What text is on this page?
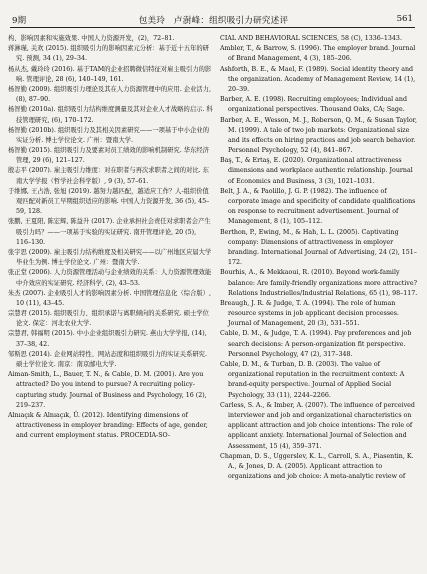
9期	包美玲　卢澍峰：组织吸引力研究述评	561

构、影响因素和实施效果. 中国人力资源开发，(2)，72–81.

蒋淋瑾, 关欢 (2015). 组织吸引力的影响因素元分析：基于近十五年的研究. 预测, 34 (1), 29–34.

杨从杰, 戴玲玲 (2016). 基于TAM的企业招聘微信特征对雇主吸引力的影响. 管理评论, 28 (6), 140–149, 161.

杨智勤 (2009). 组织吸引力理论及其在人力资源管理中的应用. 企业活力, (8), 87–90.

杨智勤 (2010a). 组织吸引力结构维度测量及其对企业人才战略的启示. 科技管理研究, (6), 170–172.

杨智勤 (2010b). 组织吸引力及其相关因素研究——一项基于中小企业的实证分析. 博士学位论文. 广州：暨南大学.

杨智勤 (2015). 组织吸引力及要素对员工绩效的影响机制研究. 华东经济管理, 29 (6), 121–127.

殷志平 (2007). 雇主吸引力维度：对在职者与再次求职者之间的对比. 东南大学学报（哲学社会科学版）, 9 (3), 57–61.

于维娜, 王占浩, 张旭 (2019). 越努力越匹配，越适应工作？人-组织价值观匹配对新员工早期组织适应的影响. 中国人力资源开发, 36 (5), 45–59, 128.

张鹏, 王夏阳, 陈宏辉, 陈益升 (2017). 企业承担社会责任对求职者会产生吸引力吗？——一项基于实验的实证研究. 南开管理评论, 20 (5), 116–130.

张宇思 (2009). 雇主吸引力结构维度及相关研究——以广州地区应届大学毕业生为例. 博士学位论文. 广州：暨南大学.

张正堂 (2006). 人力资源管理活动与企业绩效的关系：人力资源管理效能中介效应的实证研究. 经济科学, (2), 43–53.

朱杰 (2007). 企业吸引人才的影响因素分析. 中国管理信息化（综合版）, 10 (11), 43–45.

宗慧君 (2015). 组织吸引力、组织承诺与离职倾向的关系研究. 硕士学位论文. 保定：河北农业大学.

宗慧君, 韩福明 (2015). 中小企业组织吸引力研究. 燕山大学学报, (14), 37–38, 42.

邹斯思 (2014). 企业网站特性、网站态度和组织吸引力的实证关系研究. 硕士学位论文. 南京：南京邮电大学.

Aiman-Smith, L., Bauer, T. N., & Cable, D. M. (2001). Are you attracted? Do you intend to pursue? A recruiting policy-capturing study. Journal of Business and Psychology, 16 (2), 219–237.

Alnıaçık & Alnıaçık, Ü. (2012). Identifying dimensions of attractiveness in employer branding: Effects of age, gender, and current employment status. PROCEDIA-SO-

CIAL AND BEHAVIORAL SCIENCES, 58 (C), 1336–1343.

Ambler, T., & Barrow, S. (1996). The employer brand. Journal of Brand Management, 4 (3), 185–206.

Ashforth, B. E., & Mael, F. (1989). Social identity theory and the organization. Academy of Management Review, 14 (1), 20–39.

Barber, A. E. (1998). Recruiting employees; Individual and organizational perspectives. Thousand Oaks, CA; Sage.

Barber, A. E., Wesson, M. J., Roberson, Q. M., & Susan Taylor, M. (1999). A tale of two job markets: Organizational size and its effects on hiring practices and job search behavior. Personnel Psychology, 52 (4), 841–867.

Baş, T., & Ertaş, E. (2020). Organizational attractiveness dimensions and workplace authentic relationship. Journal of Economics and Business, 3 (3), 1021–1031.

Belt, J. A., & Paolillo, J. G. P. (1982). The influence of corporate image and specificity of candidate qualifications on response to recruitment advertisement. Journal of Management, 8 (1), 105–112.

Berthon, P., Ewing, M., & Hah, L. L. (2005). Captivating company: Dimensions of attractiveness in employer branding. International Journal of Advertising, 24 (2), 151–172.

Bourhis, A., & Mekkaoui, R. (2010). Beyond work-family balance: Are family-friendly organizations more attractive? Relations Industrielles/Industrial Relations, 65 (1), 98–117.

Breaugh, J. R. & Judge, T. A. (1994). The role of human resource systems in job applicant decision processes. Journal of Management, 20 (3), 531–551.

Cable, D. M., & Judge, T. A. (1994). Pay preferences and job search decisions: A person-organization fit perspective. Personnel Psychology, 47 (2), 317–348.

Cable, D. M., & Turban, D. B. (2003). The value of organizational reputation in the recruitment context: A brand-equity perspective. Journal of Applied Social Psychology, 33 (11), 2244–2266.

Carless, S. A., & Imber, A. (2007). The influence of perceived interviewer and job and organizational characteristics on applicant attraction and job choice intentions: The role of applicant anxiety. International Journal of Selection and Assessment, 15 (4), 359–371.

Chapman, D. S., Uggerslev, K. L., Carroll, S. A., Piasentin, K. A., & Jones, D. A. (2005). Applicant attraction to organizations and job choice: A meta-analytic review of
